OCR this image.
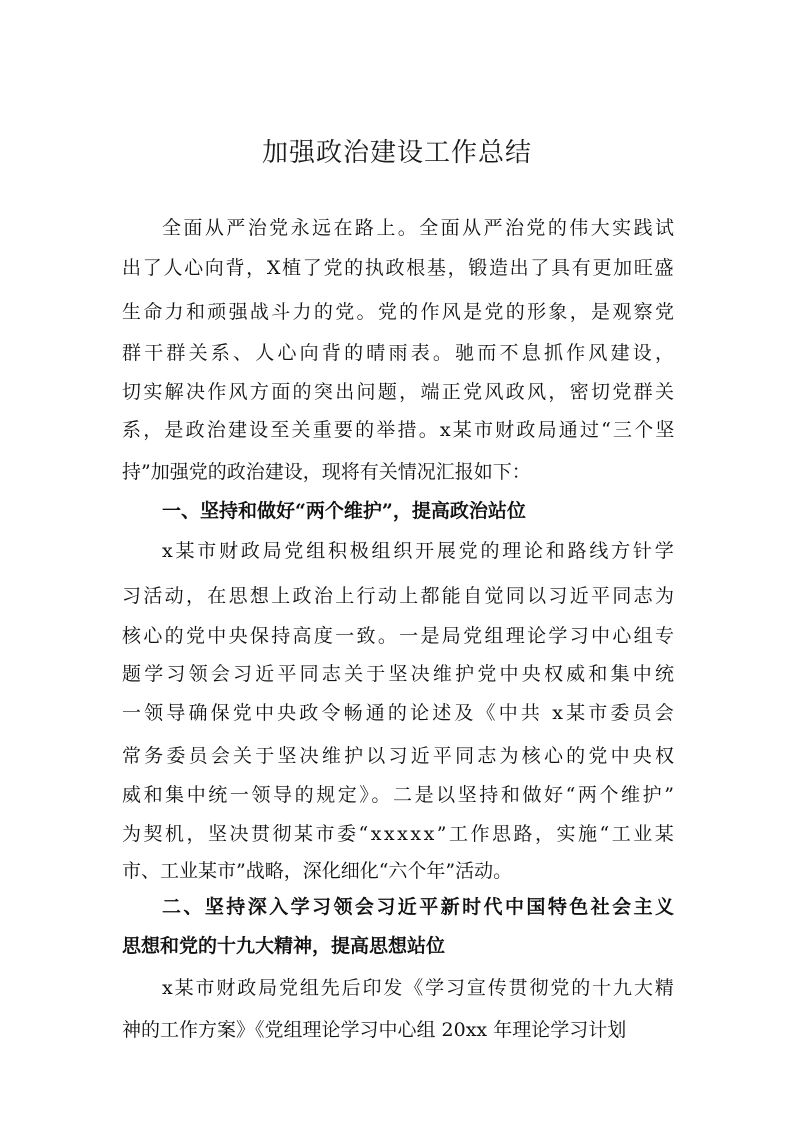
加强政治建设工作总结
全面从严治党永远在路上。全面从严治党的伟大实践试
出了人心向背，X植了党的执政根基，锻造出了具有更加旺盛
生命力和顽强战斗力的党。党的作风是党的形象，是观察党
群干群关系、人心向背的晴雨表。驰而不息抓作风建设，
切实解决作风方面的突出问题，端正党风政风，密切党群关
系，是政治建设至关重要的举措。x某市财政局通过“三个坚
持”加强党的政治建设，现将有关情况汇报如下：
一、坚持和做好“两个维护”，提高政治站位
x某市财政局党组积极组织开展党的理论和路线方针学
习活动，在思想上政治上行动上都能自觉同以习近平同志为
核心的党中央保持高度一致。一是局党组理论学习中心组专
题学习领会习近平同志关于坚决维护党中央权威和集中统
一领导确保党中央政令畅通的论述及《中共 x某市委员会
常务委员会关于坚决维护以习近平同志为核心的党中央权
威和集中统一领导的规定》。二是以坚持和做好“两个维护”
为契机，坚决贯彻某市委“xxxxx”工作思路，实施“工业某
市、工业某市”战略，深化细化“六个年”活动。
二、坚持深入学习领会习近平新时代中国特色社会主义
思想和党的十九大精神，提高思想站位
x某市财政局党组先后印发《学习宣传贯彻党的十九大精
神的工作方案》《党组理论学习中心组 20xx 年理论学习计划
